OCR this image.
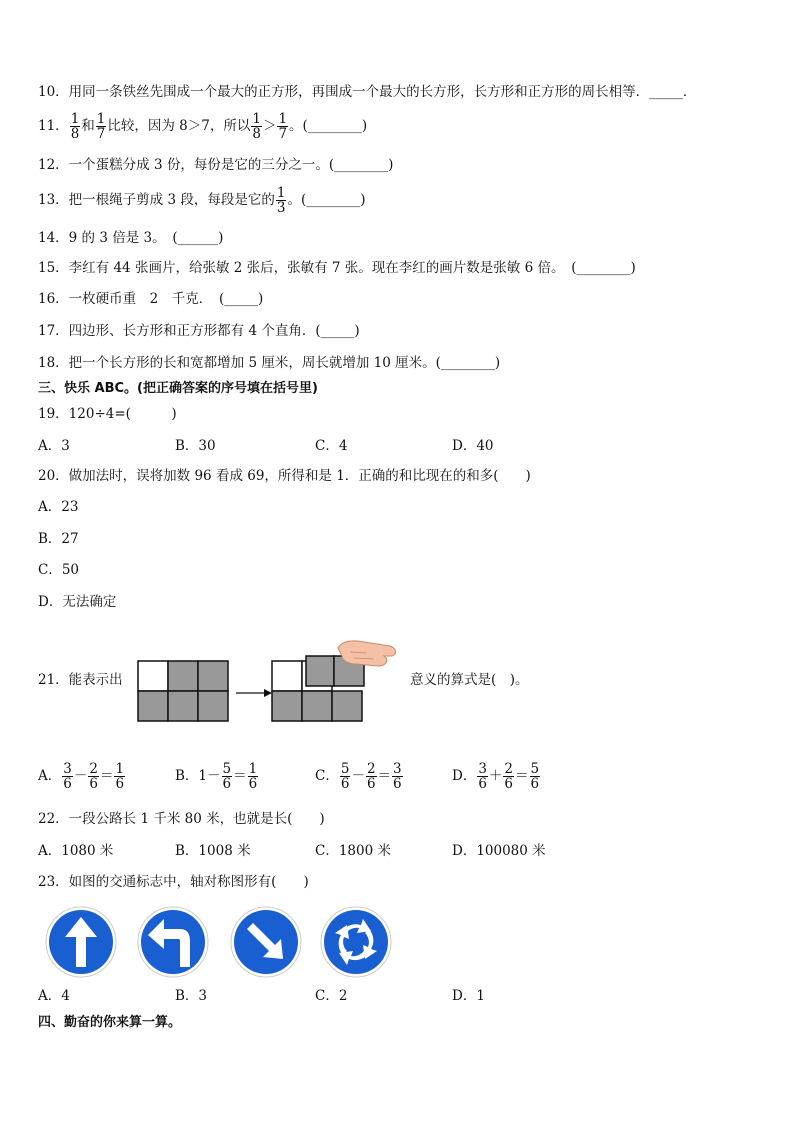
10．用同一条铁丝先围成一个最大的正方形，再围成一个最大的长方形，长方形和正方形的周长相等．_____．
11． $\frac{1}{8}$ 和 $\frac{1}{7}$ 比较，因为 8＞7，所以 $\frac{1}{8} > \frac{1}{7}$ 。(________)
12．一个蛋糕分成 3 份，每份是它的三分之一。(________)
13．把一根绳子剪成 3 段，每段是它的 $\frac{1}{3}$ 。(________)
14．9 的 3 倍是 3。　(______)
15．李红有 44 张画片，给张敏 2 张后，张敏有 7 张。现在李红的画片数是张敏 6 倍。　(________)
16．一枚硬币重　2　千克．　(_____)
17．四边形、长方形和正方形都有 4 个直角．(_____)
18．把一个长方形的长和宽都增加 5 厘米，周长就增加 10 厘米。(________)
三、快乐 ABC。(把正确答案的序号填在括号里)
19．120÷4=(　　　)
A．3	B．30	C．4	D．40
20．做加法时，误将加数 96 看成 69，所得和是 1．正确的和比现在的和多(　　)
A．23
B．27
C．50
D．无法确定
21．能表示出	意义的算式是(　)。
A． $\frac{3}{6} - \frac{2}{6} = \frac{1}{6}$	B．$1- \frac{5}{6} = \frac{1}{6}$	C． $\frac{5}{6} - \frac{2}{6} = \frac{3}{6}$	D． $\frac{3}{6} + \frac{2}{6} = \frac{5}{6}$
22．一段公路长 1 千米 80 米，也就是长(　　)
A．1080 米	B．1008 米	C．1800 米	D．100080 米
23．如图的交通标志中，轴对称图形有(　　)
A．4	B．3	C．2	D．1
四、勤奋的你来算一算。
